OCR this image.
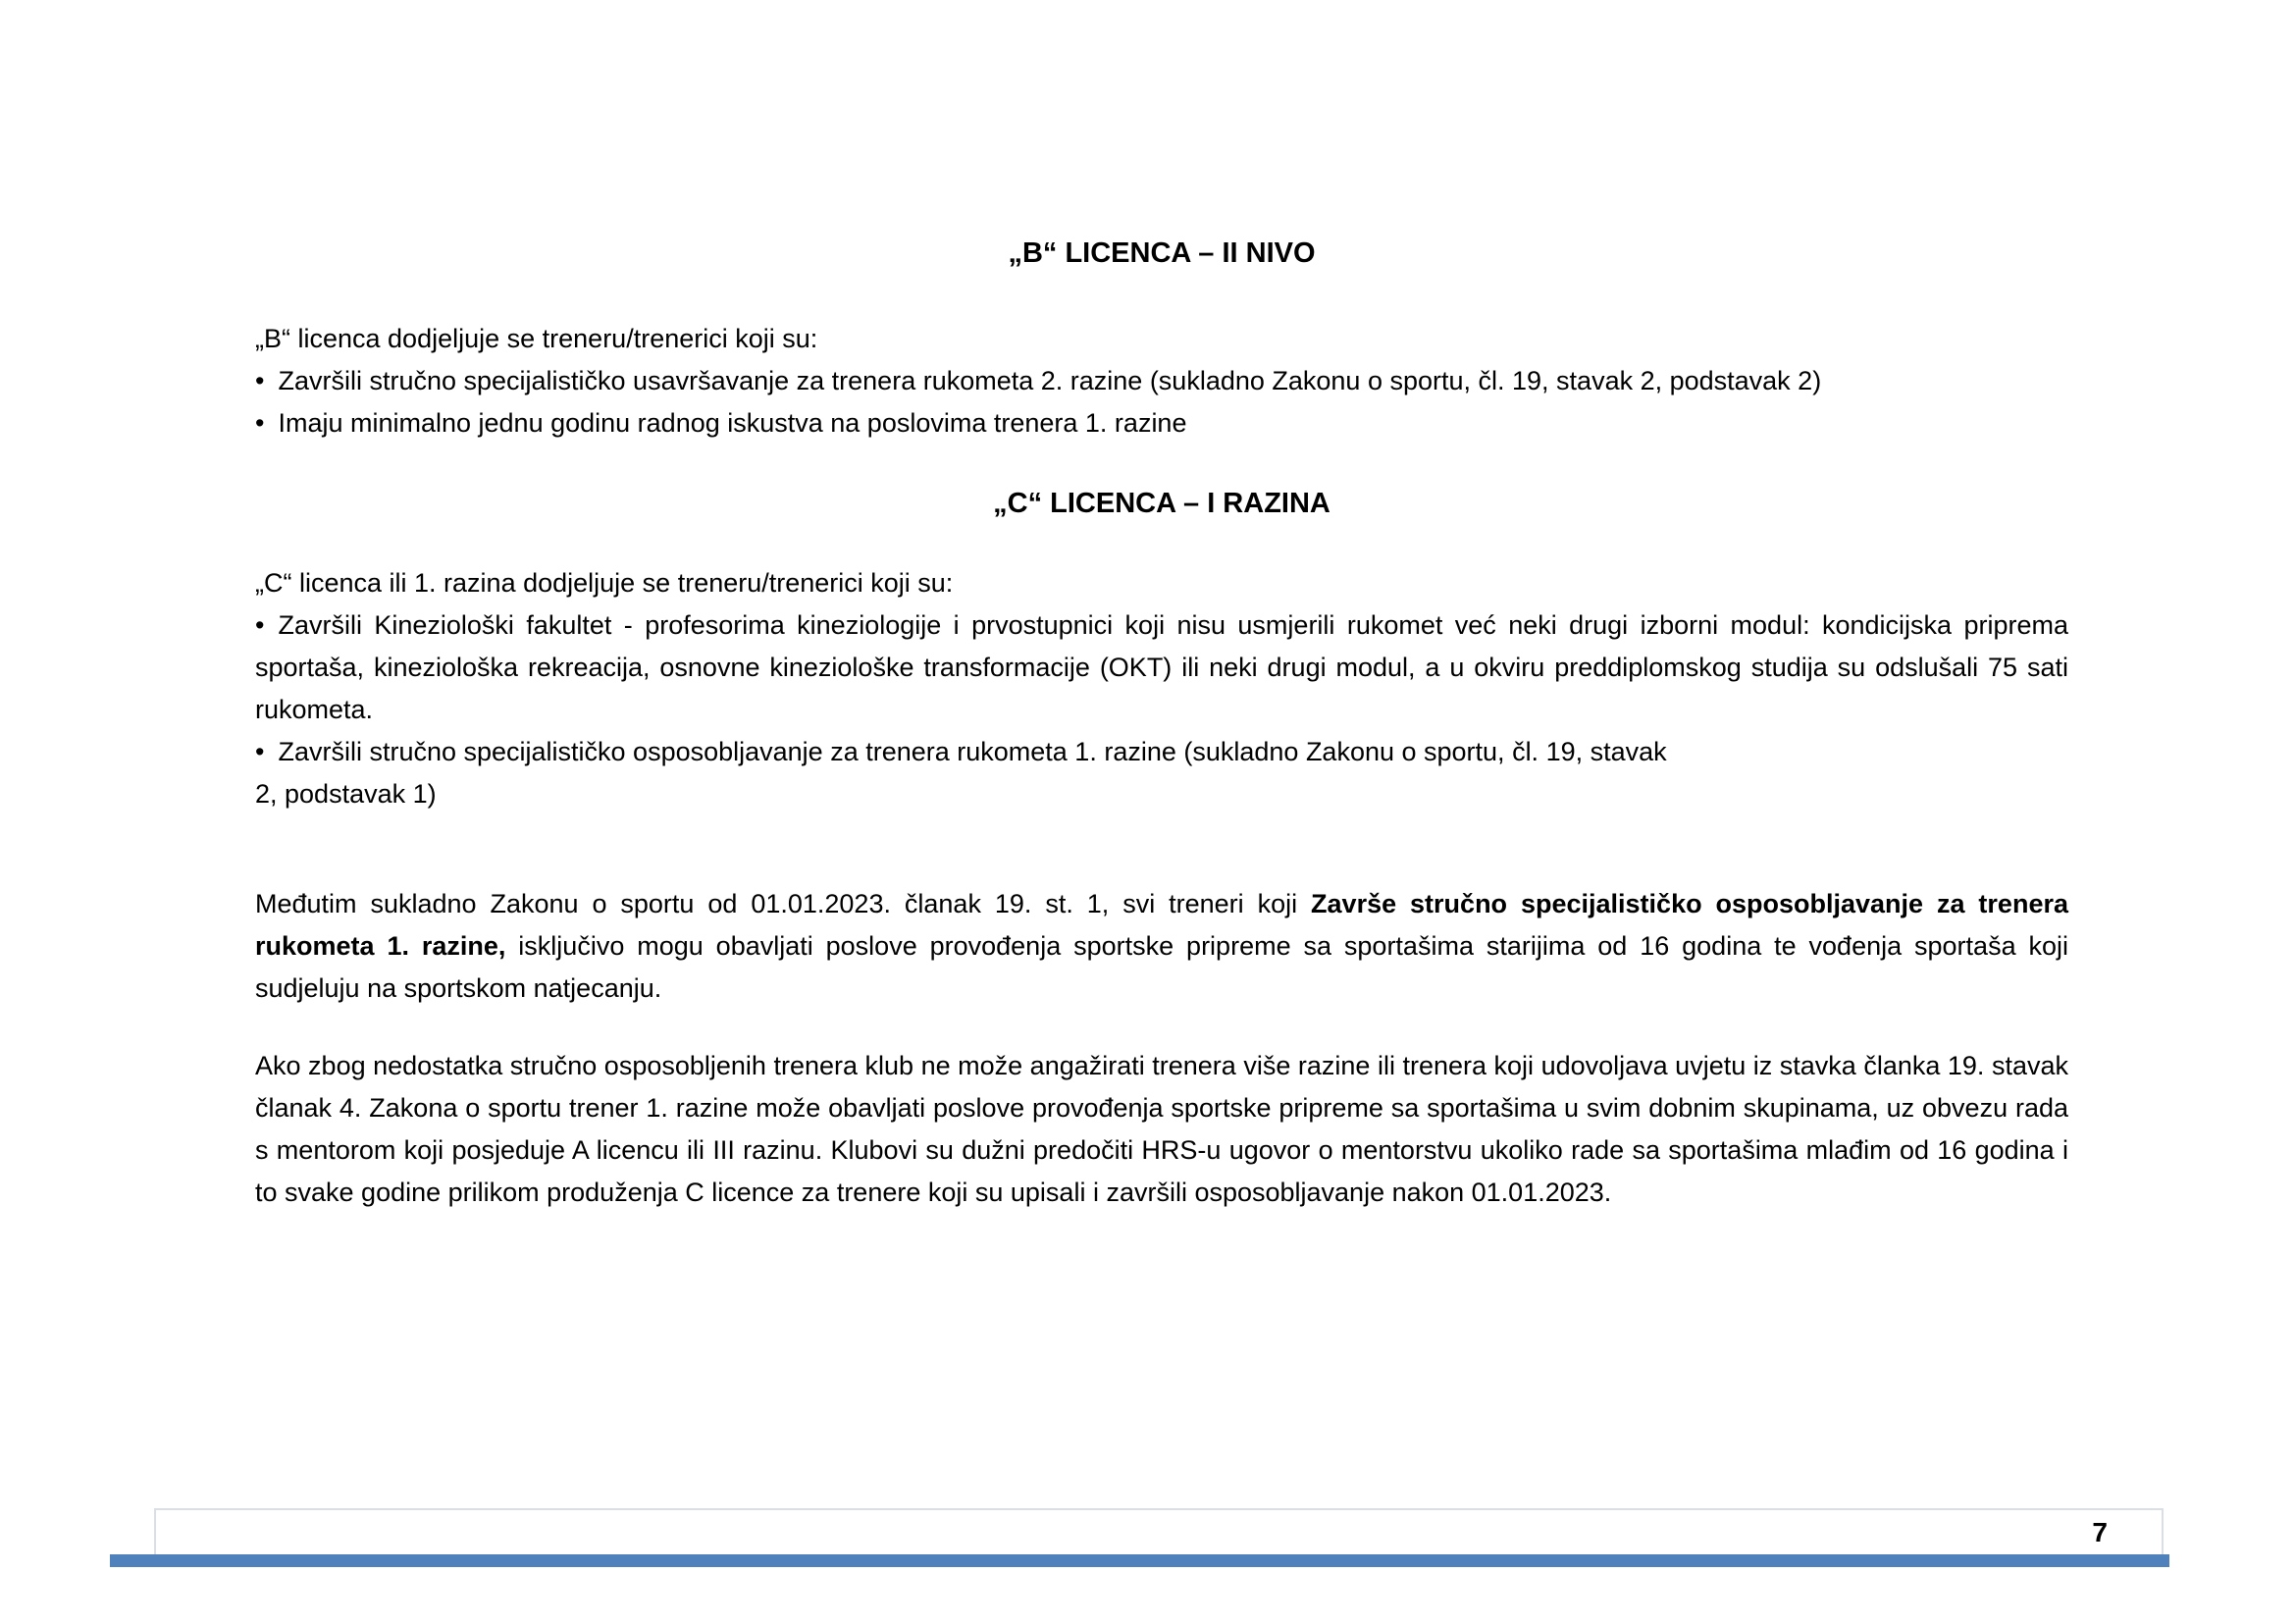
„B“ LICENCA – II NIVO
„B“ licenca dodjeljuje se treneru/trenerici koji su:
• Završili stručno specijalističko usavršavanje za trenera rukometa 2. razine (sukladno Zakonu o sportu, čl. 19, stavak 2, podstavak 2)
• Imaju minimalno jednu godinu radnog iskustva na poslovima trenera 1. razine
„C“ LICENCA – I RAZINA
„C“ licenca ili 1. razina dodjeljuje se treneru/trenerici koji su:
• Završili Kineziološki fakultet - profesorima kineziologije i prvostupnici koji nisu usmjerili rukomet već neki drugi izborni modul: kondicijska priprema sportaša, kineziološka rekreacija, osnovne kineziološke transformacije (OKT) ili neki drugi modul, a u okviru preddiplomskog studija su odslušali 75 sati rukometa.
• Završili stručno specijalističko osposobljavanje za trenera rukometa 1. razine (sukladno Zakonu o sportu, čl. 19, stavak
2, podstavak 1)
Međutim sukladno Zakonu o sportu od 01.01.2023. članak 19. st. 1, svi treneri koji Završe stručno specijalističko osposobljavanje za trenera rukometa 1. razine, isključivo mogu obavljati poslove provođenja sportske pripreme sa sportašima starijima od 16 godina te vođenja sportaša koji sudjeluju na sportskom natjecanju.
Ako zbog nedostatka stručno osposobljenih trenera klub ne može angažirati trenera više razine ili trenera koji udovoljava uvjetu iz stavka članka 19. stavak članak 4. Zakona o sportu trener 1. razine može obavljati poslove provođenja sportske pripreme sa sportašima u svim dobnim skupinama, uz obvezu rada s mentorom koji posjeduje A licencu ili III razinu. Klubovi su dužni predočiti HRS-u ugovor o mentorstvu ukoliko rade sa sportašima mlađim od 16 godina i to svake godine prilikom produženja C licence za trenere koji su upisali i završili osposobljavanje nakon 01.01.2023.
7
